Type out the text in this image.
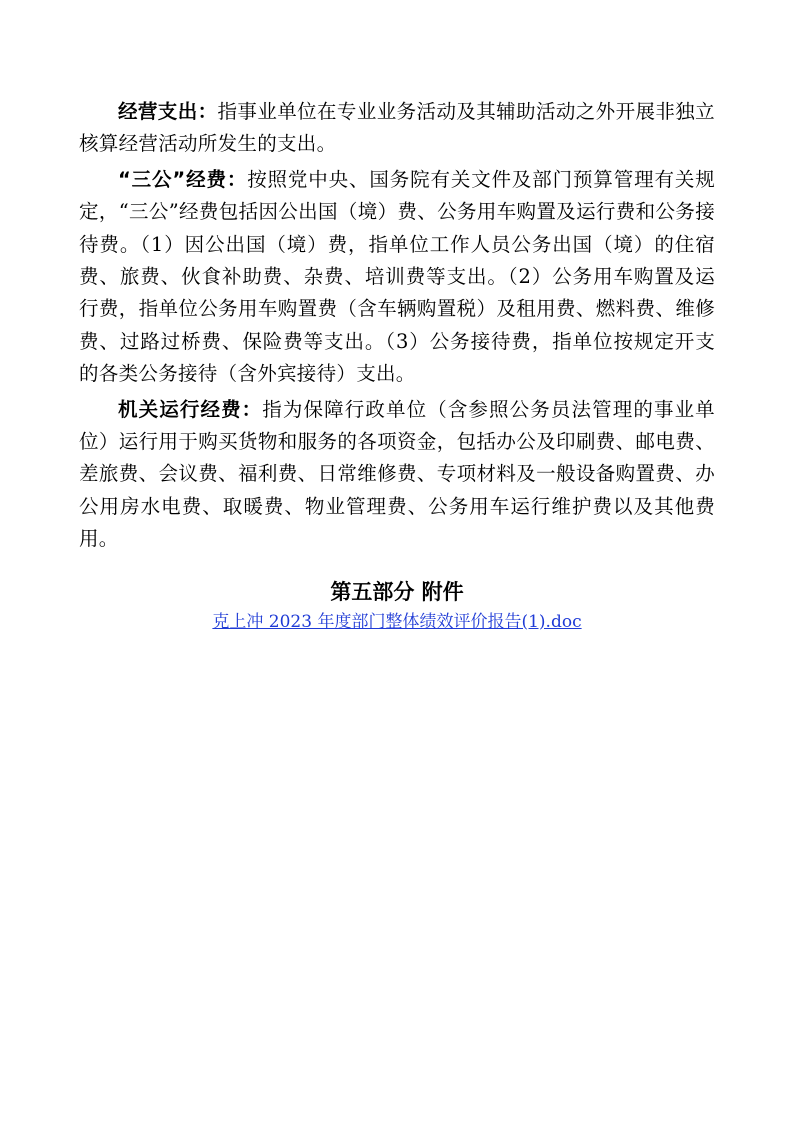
经营支出：指事业单位在专业业务活动及其辅助活动之外开展非独立核算经营活动所发生的支出。

“三公”经费：按照党中央、国务院有关文件及部门预算管理有关规定，“三公”经费包括因公出国（境）费、公务用车购置及运行费和公务接待费。（1）因公出国（境）费，指单位工作人员公务出国（境）的住宿费、旅费、伙食补助费、杂费、培训费等支出。（2）公务用车购置及运行费，指单位公务用车购置费（含车辆购置税）及租用费、燃料费、维修费、过路过桥费、保险费等支出。（3）公务接待费，指单位按规定开支的各类公务接待（含外宾接待）支出。

机关运行经费：指为保障行政单位（含参照公务员法管理的事业单位）运行用于购买货物和服务的各项资金，包括办公及印刷费、邮电费、差旅费、会议费、福利费、日常维修费、专项材料及一般设备购置费、办公用房水电费、取暖费、物业管理费、公务用车运行维护费以及其他费用。

第五部分 附件
克上冲 2023 年度部门整体绩效评价报告(1).doc
